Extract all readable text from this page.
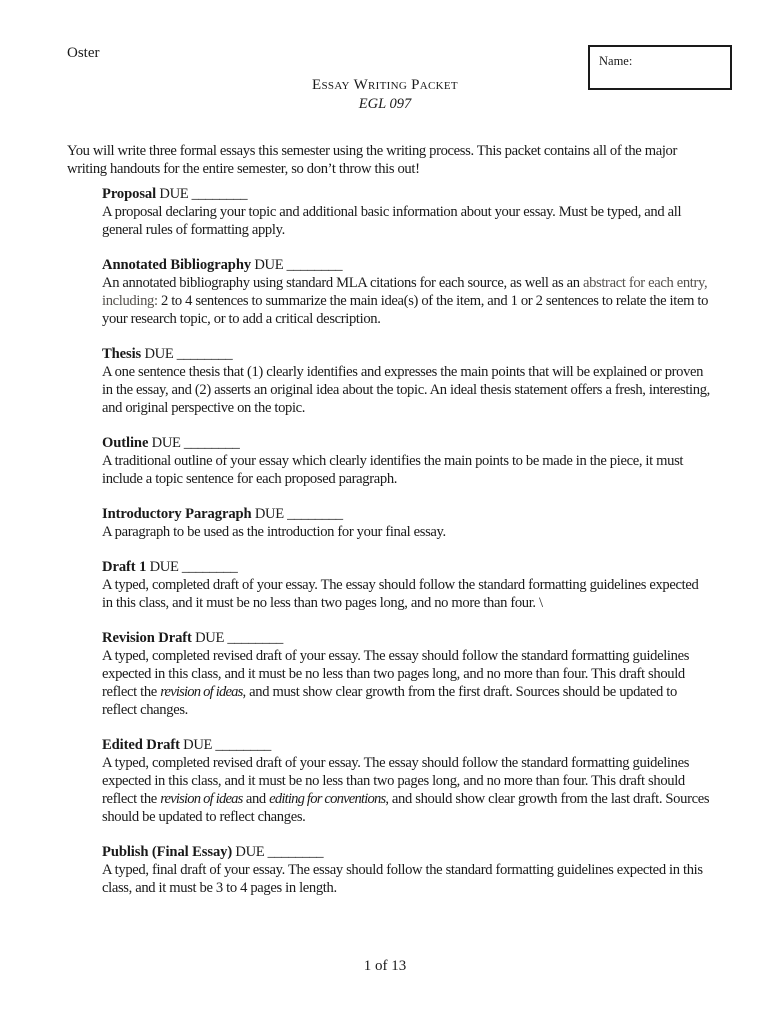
Oster	Name:
Essay Writing Packet
EGL 097
You will write three formal essays this semester using the writing process. This packet contains all of the major writing handouts for the entire semester, so don’t throw this out!
Proposal DUE ________
A proposal declaring your topic and additional basic information about your essay. Must be typed, and all general rules of formatting apply.
Annotated Bibliography DUE ________
An annotated bibliography using standard MLA citations for each source, as well as an abstract for each entry, including: 2 to 4 sentences to summarize the main idea(s) of the item, and 1 or 2 sentences to relate the item to your research topic, or to add a critical description.
Thesis DUE ________
A one sentence thesis that (1) clearly identifies and expresses the main points that will be explained or proven in the essay, and (2) asserts an original idea about the topic. An ideal thesis statement offers a fresh, interesting, and original perspective on the topic.
Outline DUE ________
A traditional outline of your essay which clearly identifies the main points to be made in the piece, it must include a topic sentence for each proposed paragraph.
Introductory Paragraph DUE ________
A paragraph to be used as the introduction for your final essay.
Draft 1 DUE ________
A typed, completed draft of your essay. The essay should follow the standard formatting guidelines expected in this class, and it must be no less than two pages long, and no more than four. \
Revision Draft DUE ________
A typed, completed revised draft of your essay. The essay should follow the standard formatting guidelines expected in this class, and it must be no less than two pages long, and no more than four. This draft should reflect the revision of ideas, and must show clear growth from the first draft. Sources should be updated to reflect changes.
Edited Draft DUE ________
A typed, completed revised draft of your essay. The essay should follow the standard formatting guidelines expected in this class, and it must be no less than two pages long, and no more than four. This draft should reflect the revision of ideas and editing for conventions, and should show clear growth from the last draft. Sources should be updated to reflect changes.
Publish (Final Essay) DUE ________
A typed, final draft of your essay. The essay should follow the standard formatting guidelines expected in this class, and it must be 3 to 4 pages in length.
1 of 13
